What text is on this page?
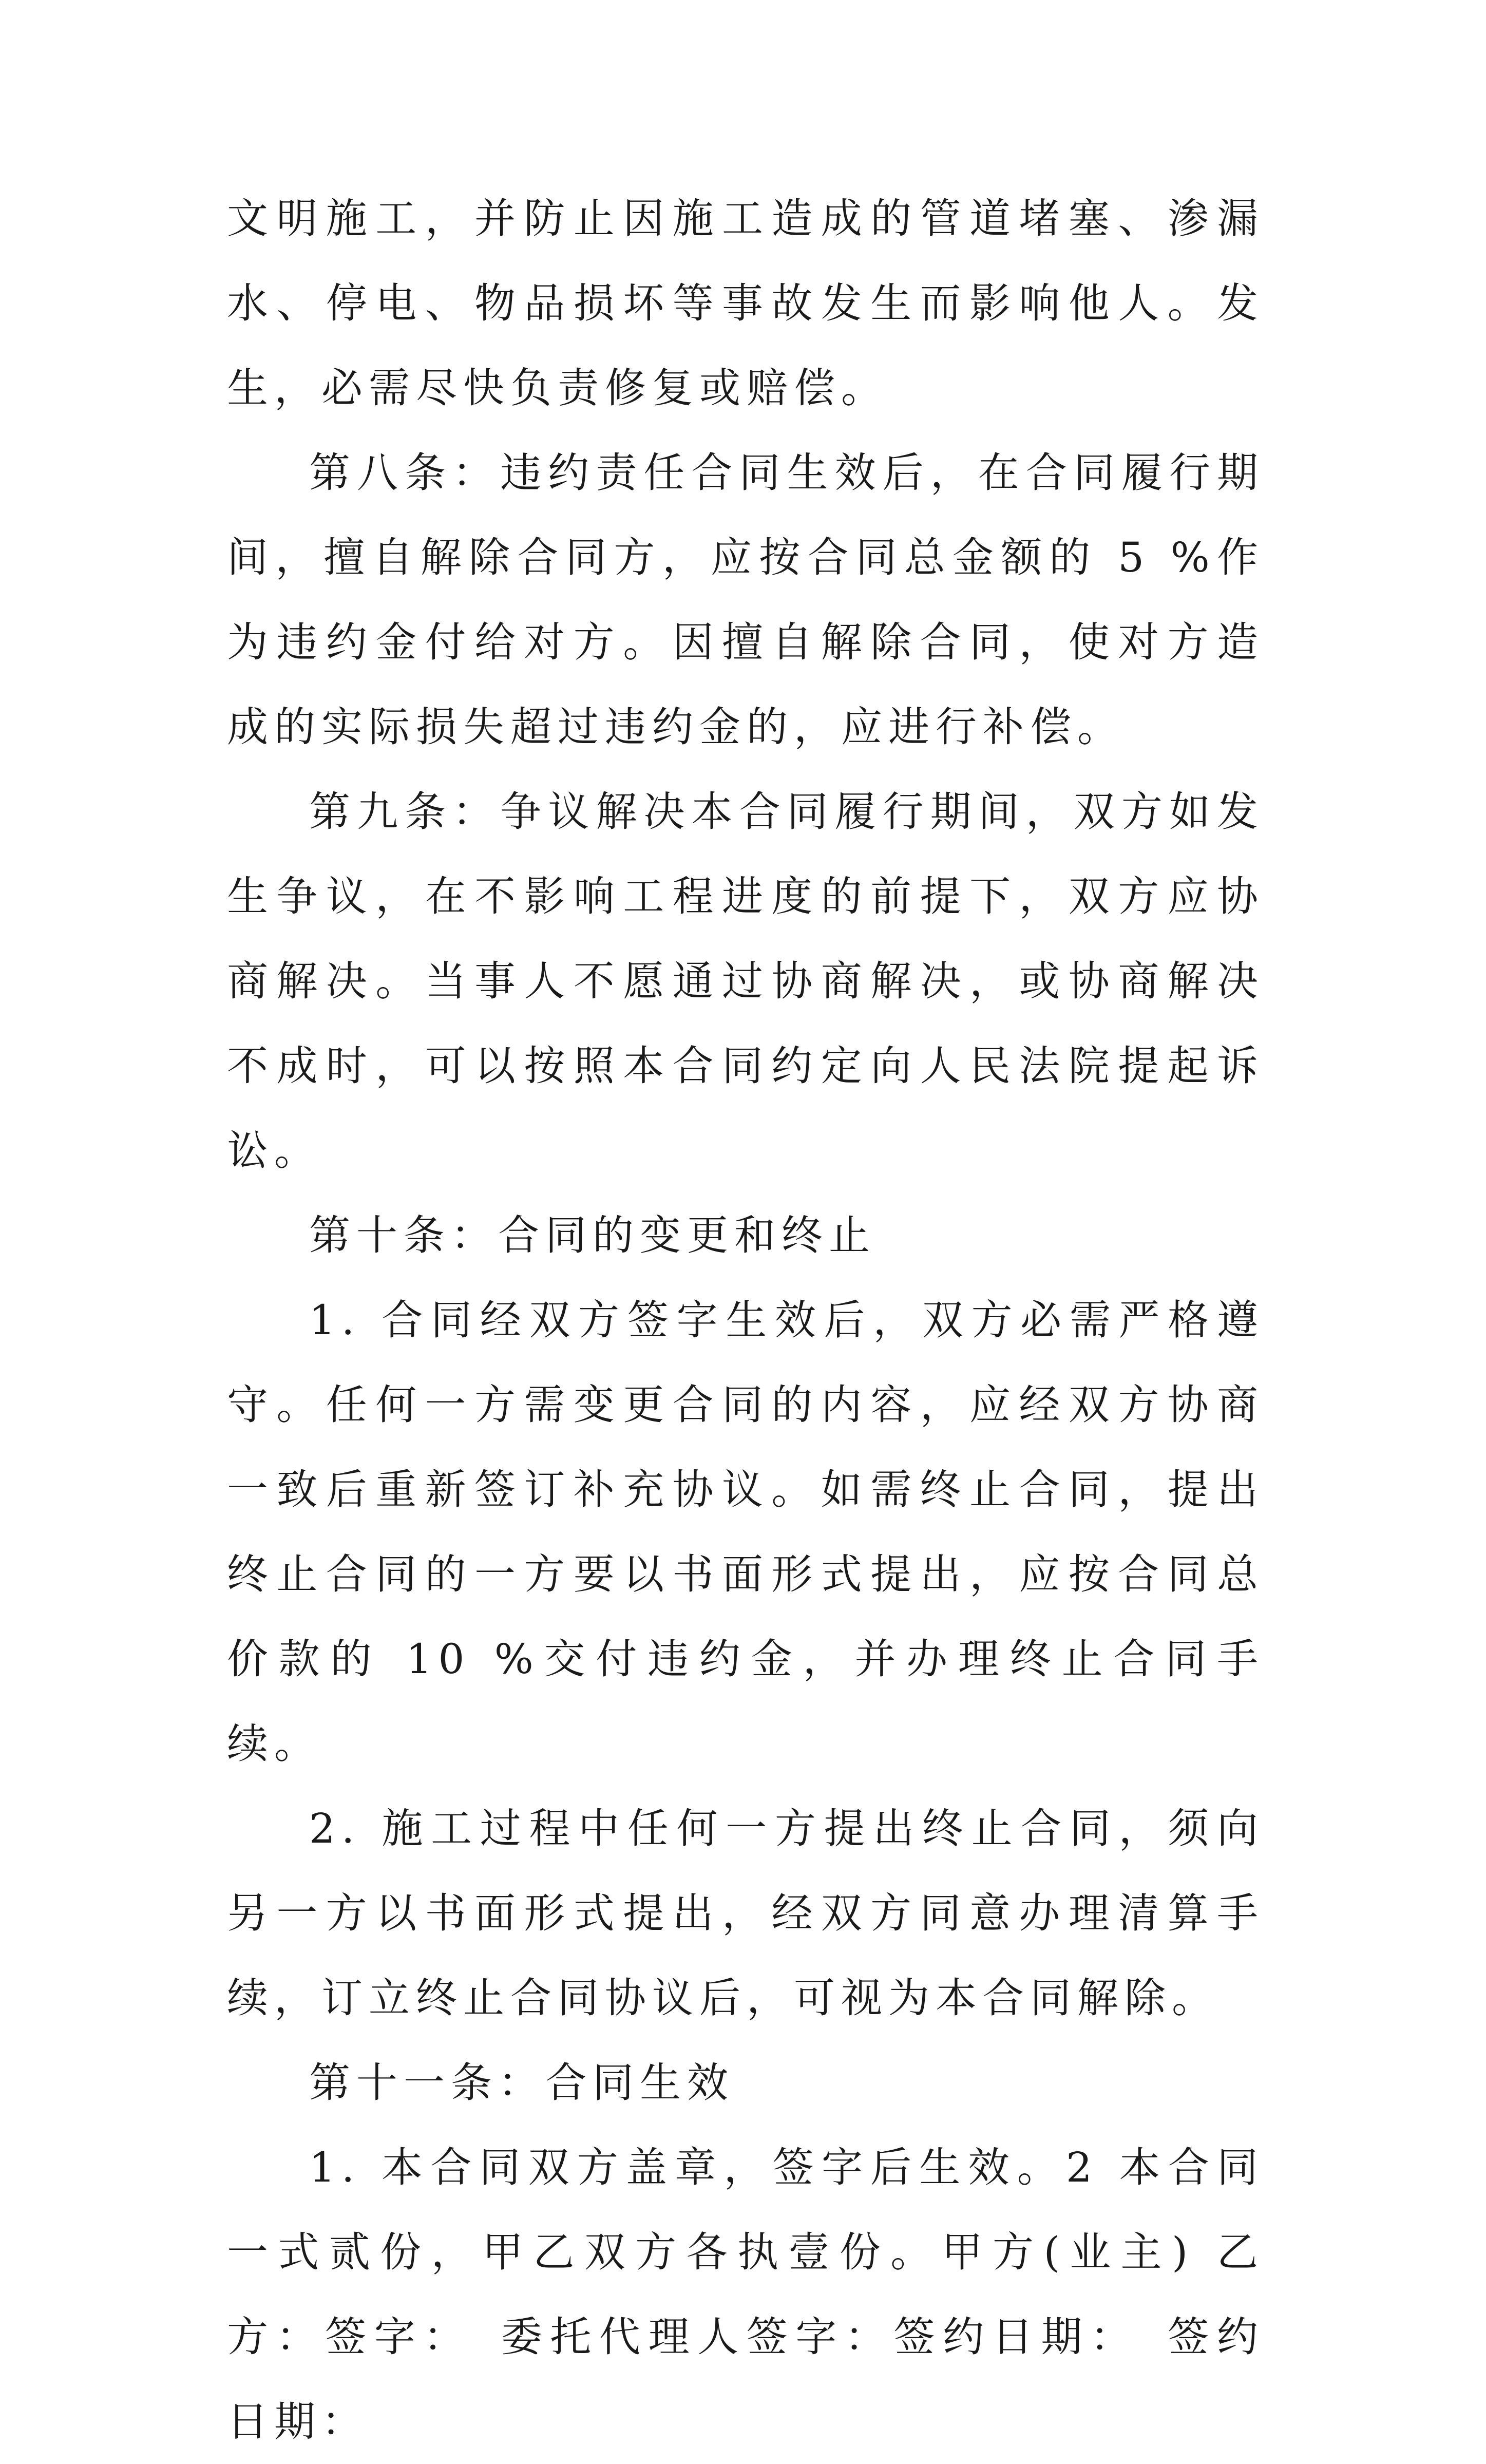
文明施工，并防止因施工造成的管道堵塞、渗漏水、停电、物品损坏等事故发生而影响他人。发生，必需尽快负责修复或赔偿。

第八条：违约责任合同生效后，在合同履行期间，擅自解除合同方，应按合同总金额的 5 %作为违约金付给对方。因擅自解除合同，使对方造成的实际损失超过违约金的，应进行补偿。

第九条：争议解决本合同履行期间，双方如发生争议，在不影响工程进度的前提下，双方应协商解决。当事人不愿通过协商解决，或协商解决不成时，可以按照本合同约定向人民法院提起诉讼。

第十条：合同的变更和终止

1. 合同经双方签字生效后，双方必需严格遵守。任何一方需变更合同的内容，应经双方协商一致后重新签订补充协议。如需终止合同，提出终止合同的一方要以书面形式提出，应按合同总价款的 10 %交付违约金，并办理终止合同手续。

2. 施工过程中任何一方提出终止合同，须向另一方以书面形式提出，经双方同意办理清算手续，订立终止合同协议后，可视为本合同解除。

第十一条：合同生效

1. 本合同双方盖章，签字后生效。2 本合同一式贰份，甲乙双方各执壹份。甲方(业主) 乙方：签字：　委托代理人签字：签约日期：　签约日期：
